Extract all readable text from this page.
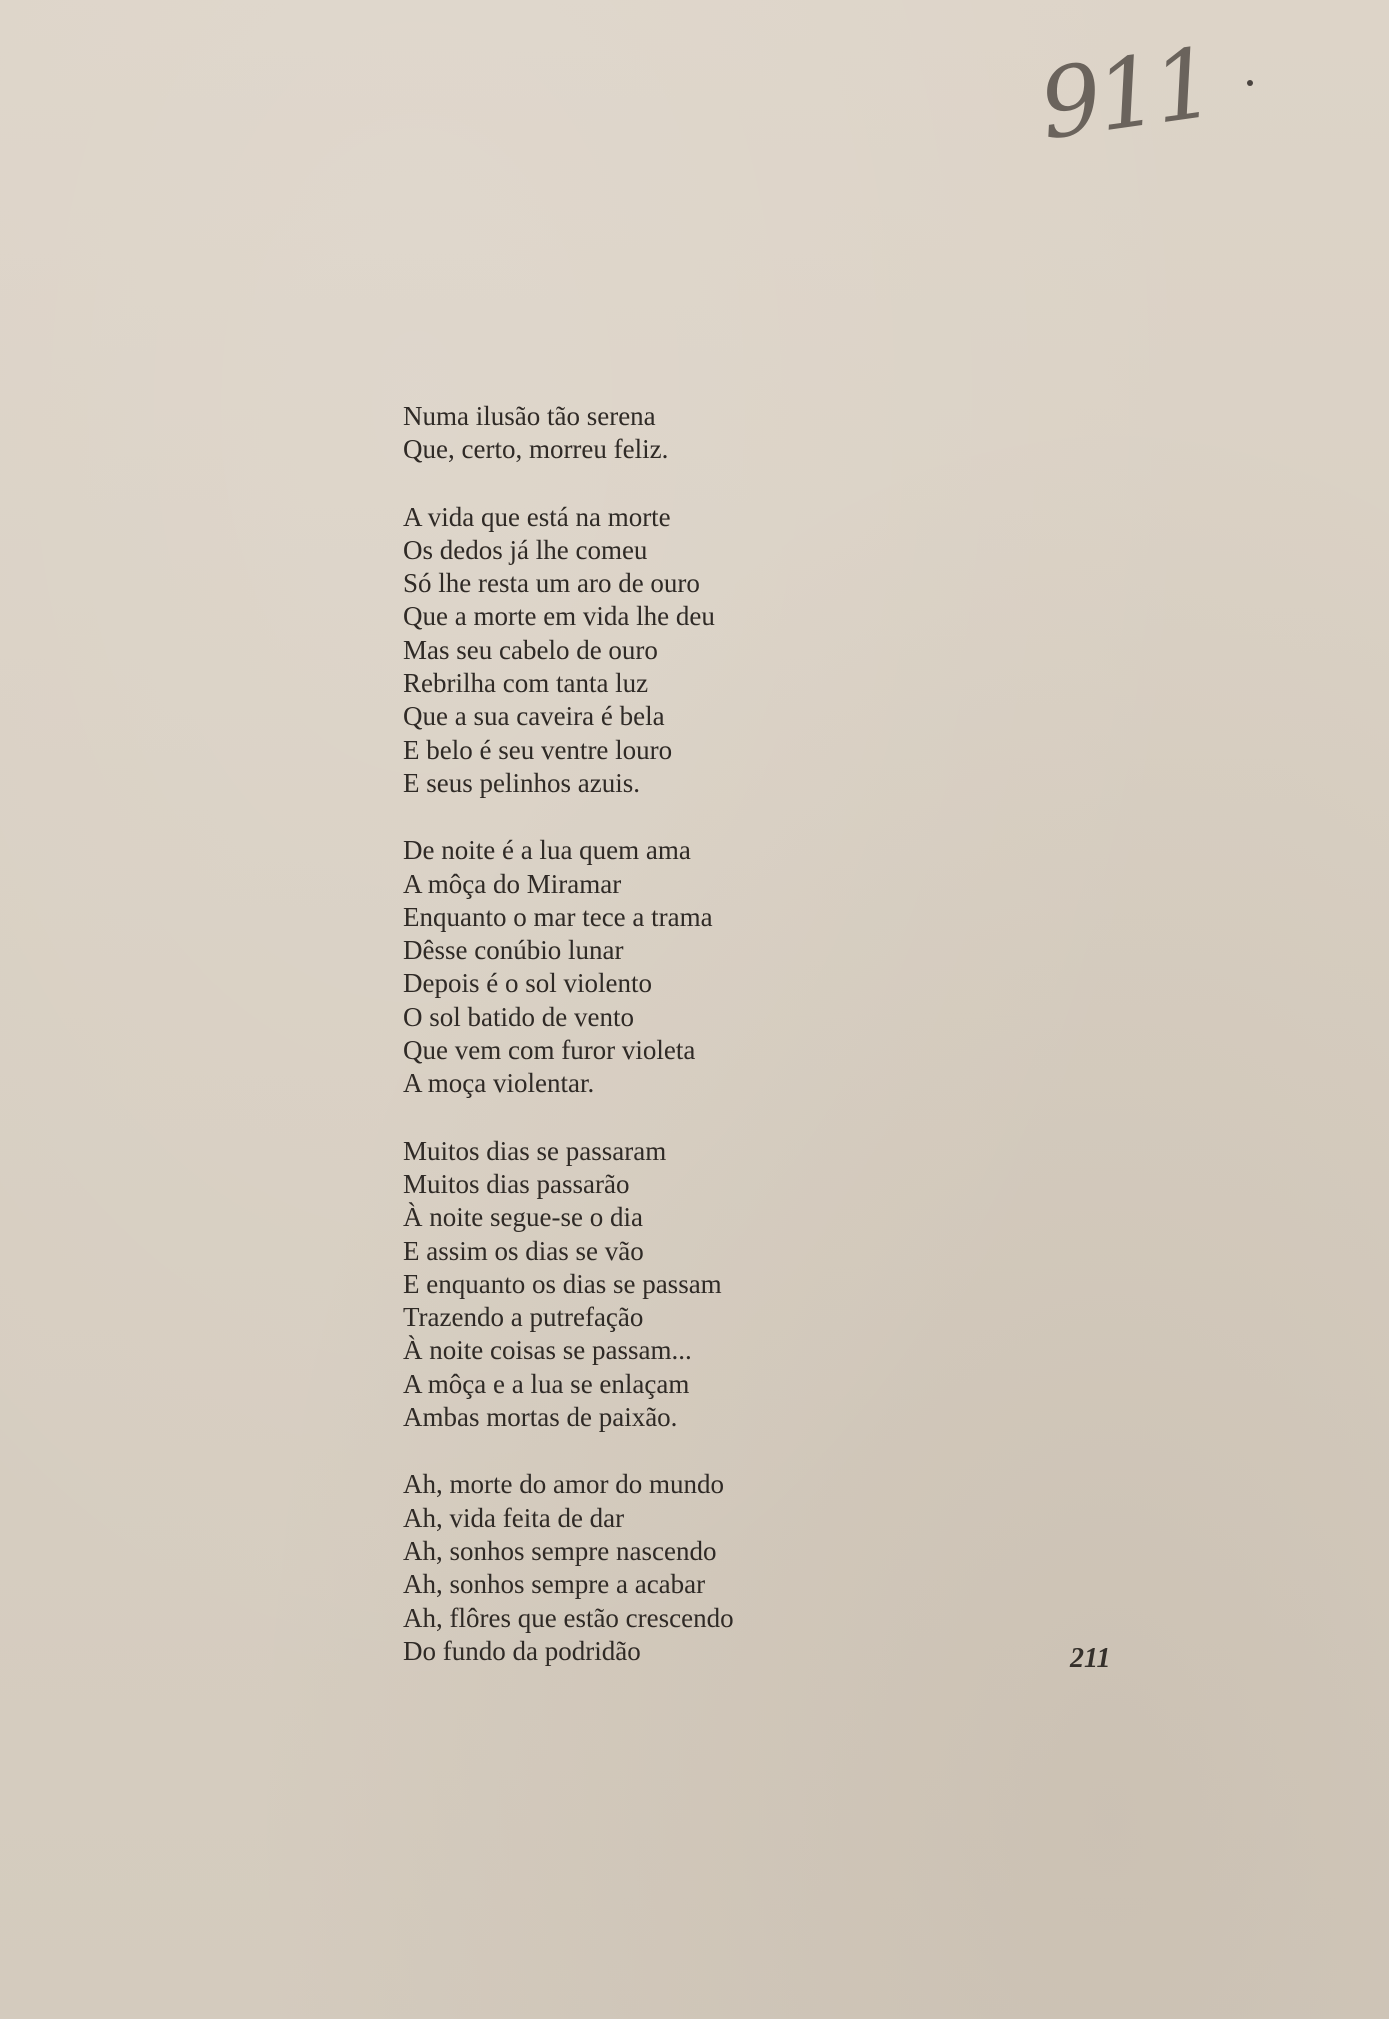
911
Numa ilusão tão serena
Que, certo, morreu feliz.
A vida que está na morte
Os dedos já lhe comeu
Só lhe resta um aro de ouro
Que a morte em vida lhe deu
Mas seu cabelo de ouro
Rebrilha com tanta luz
Que a sua caveira é bela
E belo é seu ventre louro
E seus pelinhos azuis.
De noite é a lua quem ama
A môça do Miramar
Enquanto o mar tece a trama
Dêsse conúbio lunar
Depois é o sol violento
O sol batido de vento
Que vem com furor violeta
A moça violentar.
Muitos dias se passaram
Muitos dias passarão
À noite segue-se o dia
E assim os dias se vão
E enquanto os dias se passam
Trazendo a putrefação
À noite coisas se passam...
A môça e a lua se enlaçam
Ambas mortas de paixão.
Ah, morte do amor do mundo
Ah, vida feita de dar
Ah, sonhos sempre nascendo
Ah, sonhos sempre a acabar
Ah, flôres que estão crescendo
Do fundo da podridão	211
